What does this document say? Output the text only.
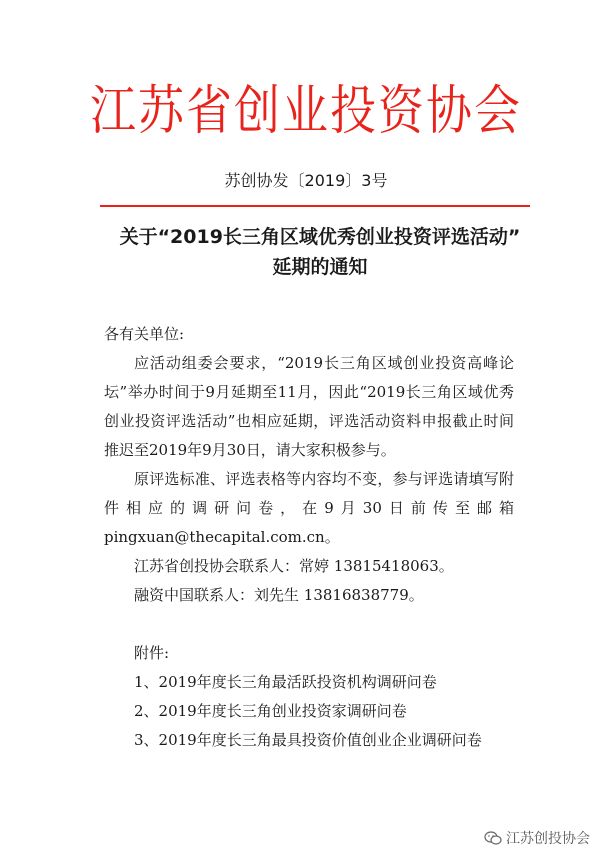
江苏省创业投资协会
苏创协发〔2019〕3号
关于“2019长三角区域优秀创业投资评选活动”
延期的通知

各有关单位:

应活动组委会要求，“2019长三角区域创业投资高峰论坛”举办时间于9月延期至11月，因此“2019长三角区域优秀创业投资评选活动”也相应延期，评选活动资料申报截止时间推迟至2019年9月30日，请大家积极参与。

原评选标准、评选表格等内容均不变，参与评选请填写附件相应的调研问卷，在9月30日前传至邮箱pingxuan@thecapital.com.cn。

江苏省创投协会联系人：常婷 13815418063。

融资中国联系人：刘先生 13816838779。

附件:

1、2019年度长三角最活跃投资机构调研问卷

2、2019年度长三角创业投资家调研问卷

3、2019年度长三角最具投资价值创业企业调研问卷

江苏创投协会
